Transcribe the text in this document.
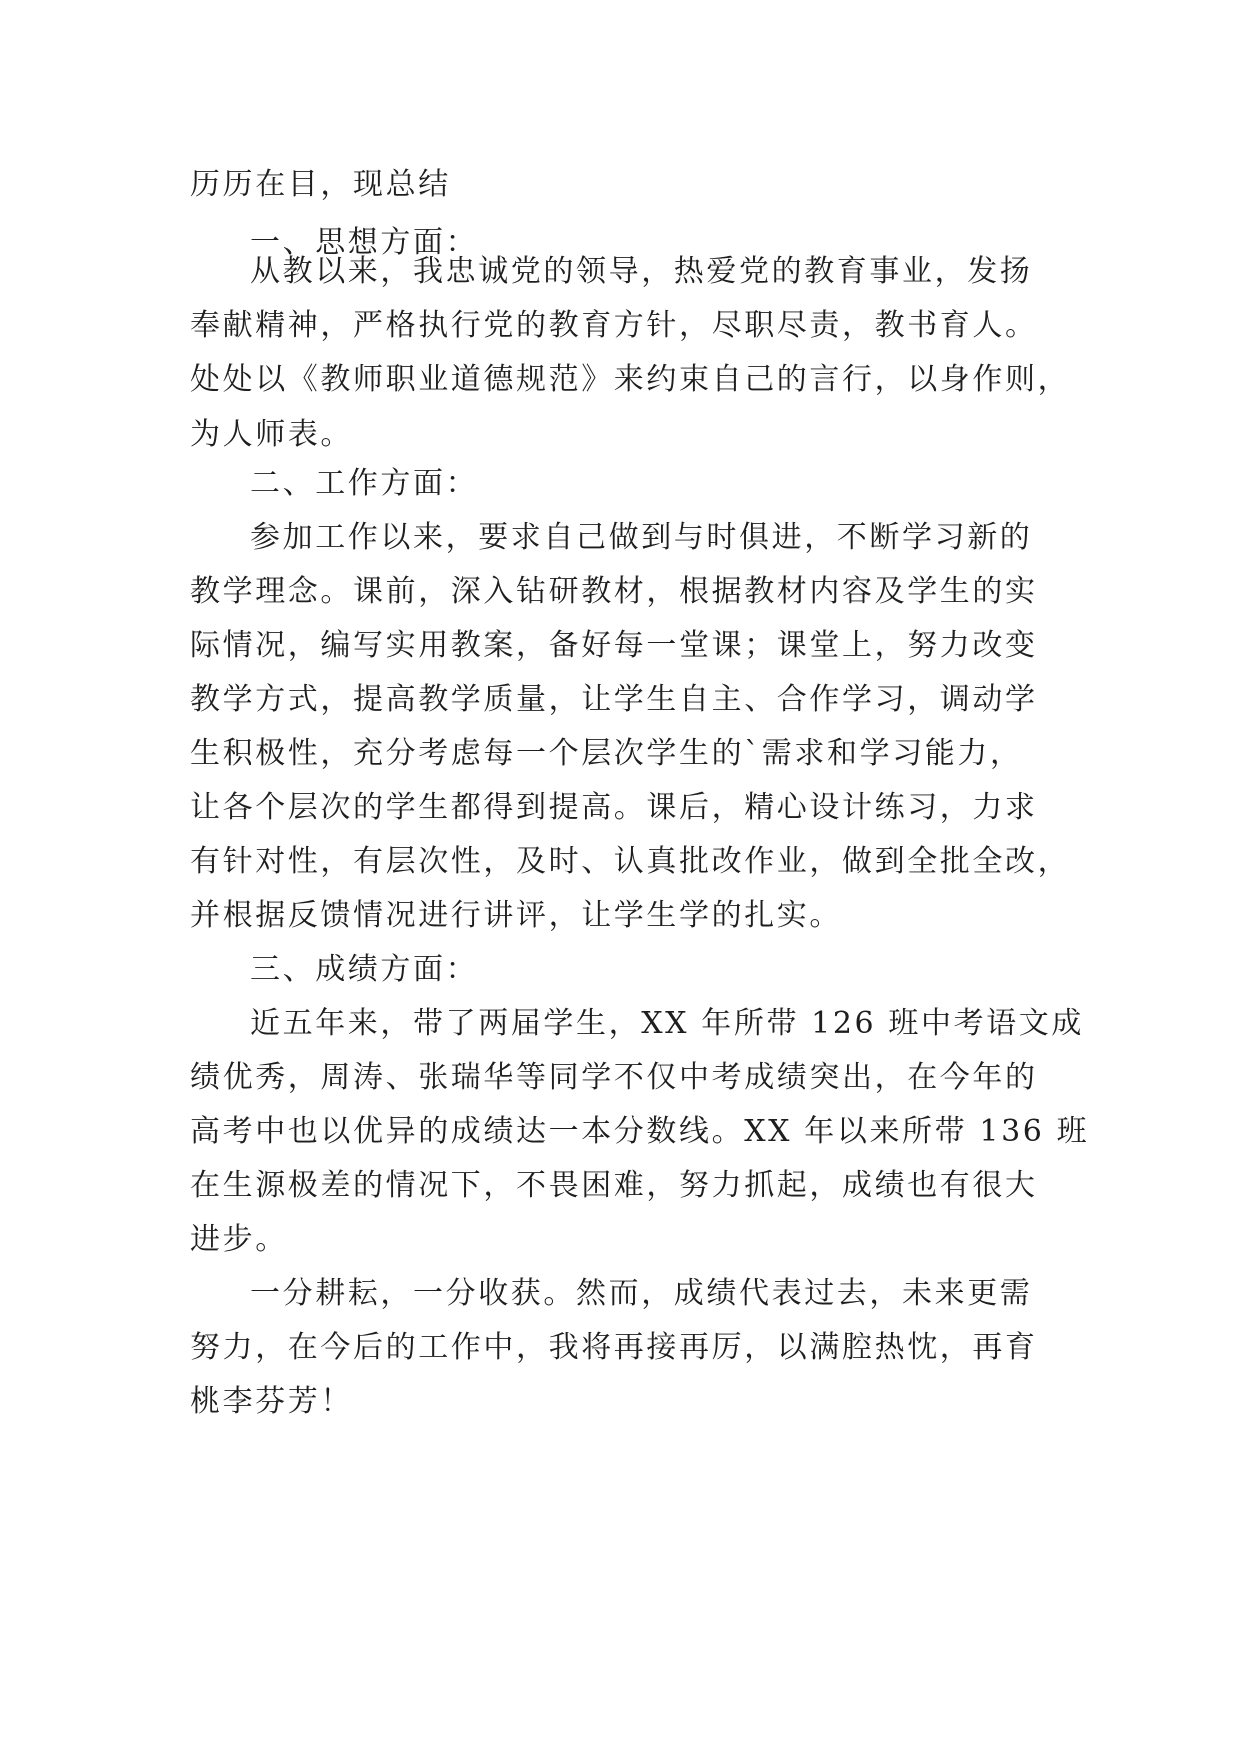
历历在目，现总结
一、思想方面：
从教以来，我忠诚党的领导，热爱党的教育事业，发扬
奉献精神，严格执行党的教育方针，尽职尽责，教书育人。
处处以《教师职业道德规范》来约束自己的言行，以身作则，
为人师表。
二、工作方面：
参加工作以来，要求自己做到与时俱进，不断学习新的
教学理念。课前，深入钻研教材，根据教材内容及学生的实
际情况，编写实用教案，备好每一堂课；课堂上，努力改变
教学方式，提高教学质量，让学生自主、合作学习，调动学
生积极性，充分考虑每一个层次学生的`需求和学习能力，
让各个层次的学生都得到提高。课后，精心设计练习，力求
有针对性，有层次性，及时、认真批改作业，做到全批全改，
并根据反馈情况进行讲评，让学生学的扎实。
三、成绩方面：
近五年来，带了两届学生，XX 年所带 126 班中考语文成
绩优秀，周涛、张瑞华等同学不仅中考成绩突出，在今年的
高考中也以优异的成绩达一本分数线。XX 年以来所带 136 班
在生源极差的情况下，不畏困难，努力抓起，成绩也有很大
进步。
一分耕耘，一分收获。然而，成绩代表过去，未来更需
努力，在今后的工作中，我将再接再厉，以满腔热忱，再育
桃李芬芳！
